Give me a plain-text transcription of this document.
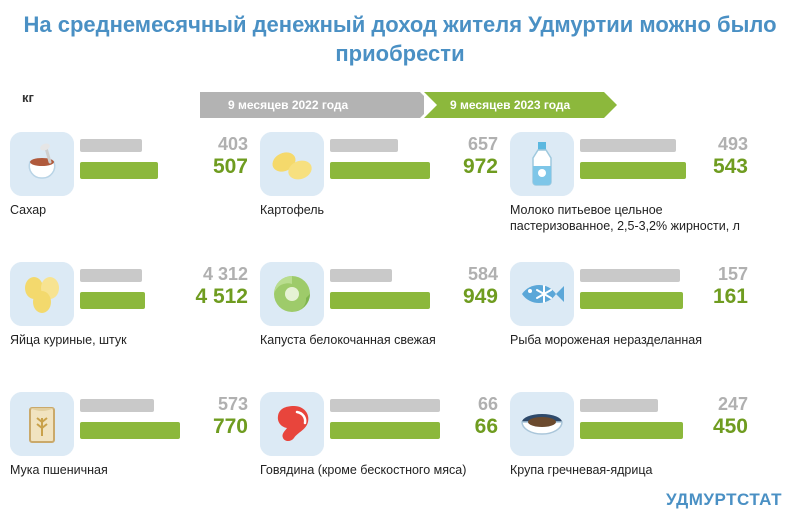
На среднемесячный денежный доход жителя Удмуртии можно было приобрести
кг	9 месяцев 2022 года	9 месяцев 2023 года
403
507
Сахар
657
972
Картофель
493
543
Молоко питьевое цельное пастеризованное, 2,5-3,2% жирности, л
4 312
4 512
Яйца куриные, штук
584
949
Капуста белокочанная свежая
157
161
Рыба мороженая неразделанная
573
770
Мука пшеничная
66
66
Говядина (кроме бескостного мяса)
247
450
Крупа гречневая-ядрица
УДМУРТСТАТ
